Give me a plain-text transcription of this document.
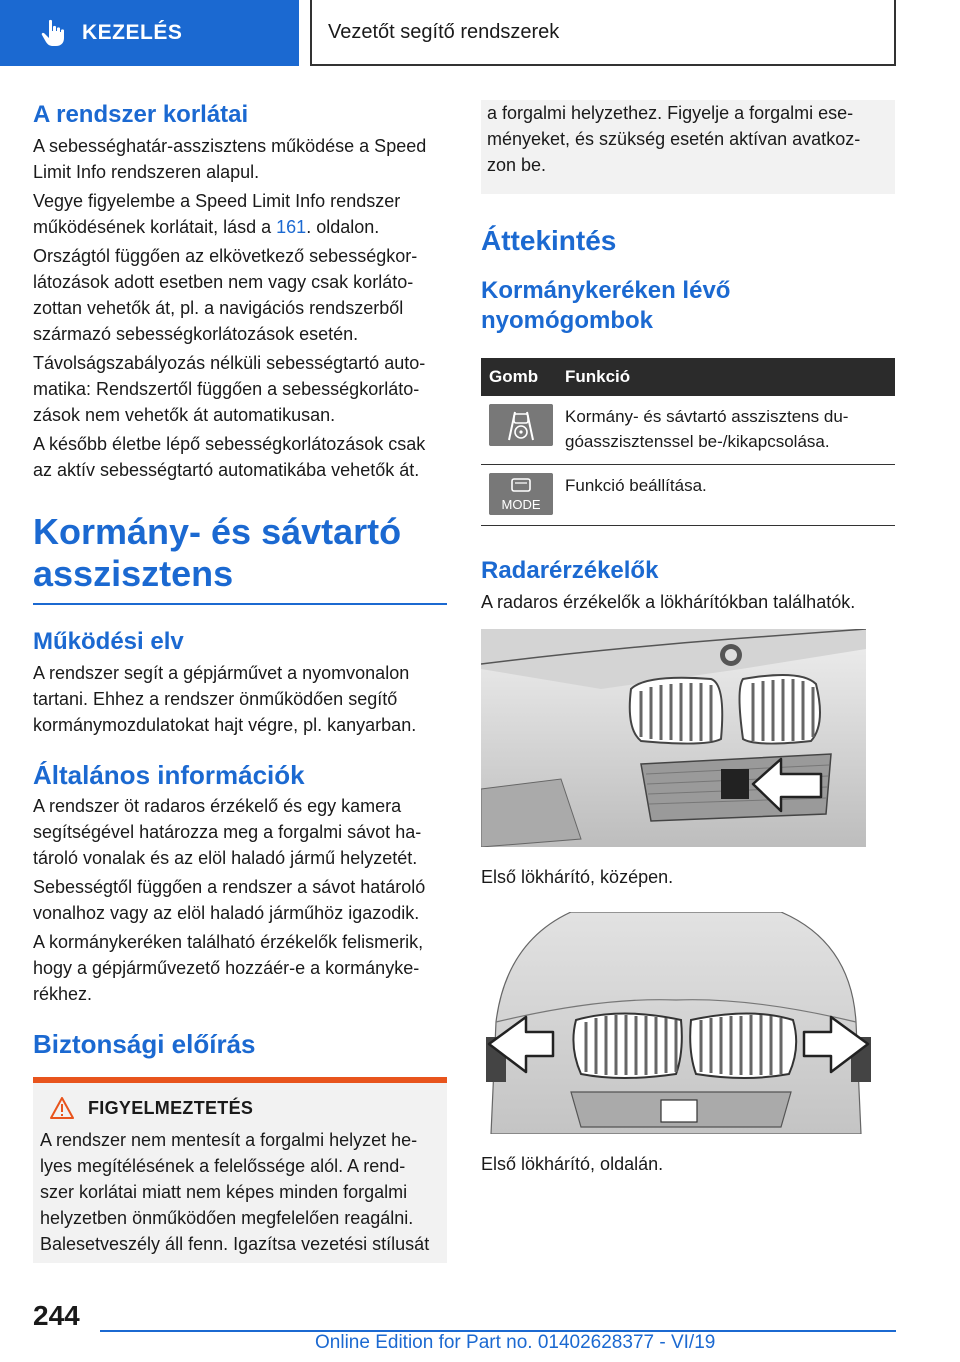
KEZELÉS	Vezetőt segítő rendszerek
A rendszer korlátai

A sebességhatár-asszisztens működése a Speed Limit Info rendszeren alapul.

Vegye figyelembe a Speed Limit Info rendszer működésének korlátait, lásd a 161. oldalon.

Országtól függően az elkövetkező sebességkor-látozások adott esetben nem vagy csak korláto-zottan vehetők át, pl. a navigációs rendszerből származó sebességkorlátozások esetén.

Távolságszabályozás nélküli sebességtartó auto-matika: Rendszertől függően a sebességkorláto-zások nem vehetők át automatikusan.

A később életbe lépő sebességkorlátozások csak az aktív sebességtartó automatikába vehetők át.

Kormány- és sávtartó asszisztens
Működési elv

A rendszer segít a gépjárművet a nyomvonalon tartani. Ehhez a rendszer önműködően segítő kormánymozdulatokat hajt végre, pl. kanyarban.

Általános információk

A rendszer öt radaros érzékelő és egy kamera segítségével határozza meg a forgalmi sávot ha-tároló vonalak és az elöl haladó jármű helyzetét.

Sebességtől függően a rendszer a sávot határoló vonalhoz vagy az elöl haladó járműhöz igazodik.

A kormánykeréken található érzékelők felismerik, hogy a gépjárművezető hozzáér-e a kormányke-rékhez.

Biztonsági előírás
FIGYELMEZTETÉS

A rendszer nem mentesít a forgalmi helyzet he-lyes megítélésének a felelőssége alól. A rend-szer korlátai miatt nem képes minden forgalmi helyzetben önműködően megfelelően reagálni. Balesetveszély áll fenn. Igazítsa vezetési stílusát

a forgalmi helyzethez. Figyelje a forgalmi ese-ményeket, és szükség esetén aktívan avatkoz-zon be.

Áttekintés
Kormánykeréken lévő nyomógombok
Gomb	Funkció

	Kormány- és sávtartó asszisztens du-góasszisztenssel be-/kikapcsolása.

MODE	Funkció beállítása.
Radarérzékelők

A radaros érzékelők a lökhárítókban találhatók.

Első lökhárító, középen.

Első lökhárító, oldalán.

244
Online Edition for Part no. 01402628377 - VI/19
